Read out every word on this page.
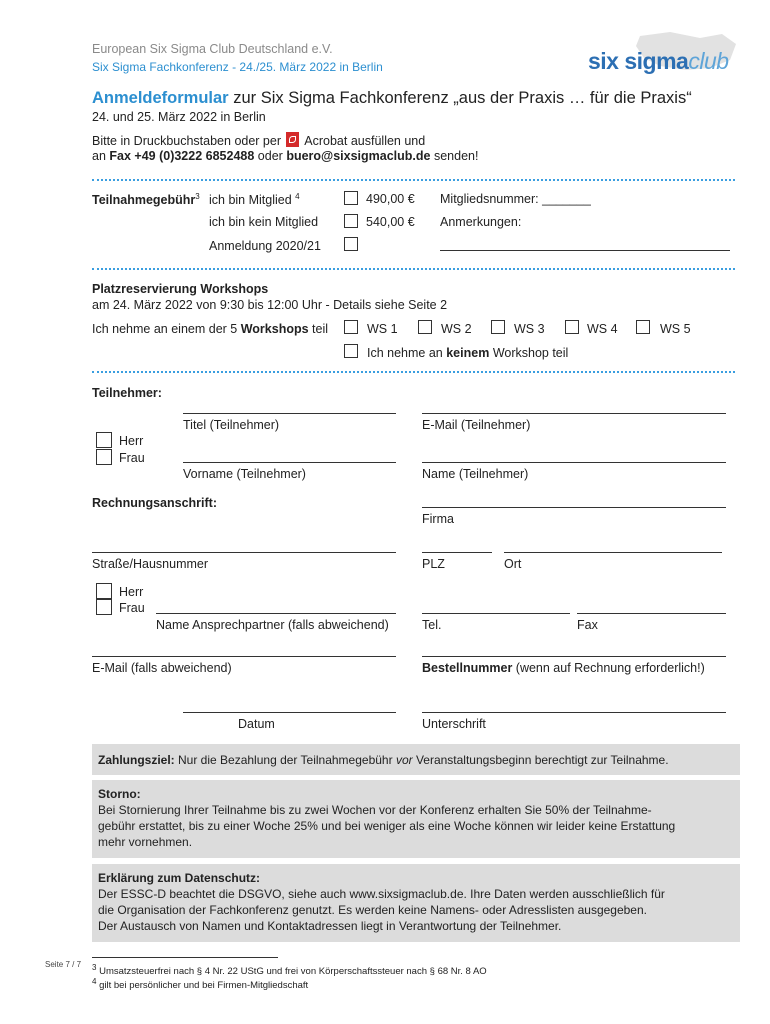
European Six Sigma Club Deutschland e.V.
Six Sigma Fachkonferenz - 24./25. März 2022 in Berlin	six sigmaclub
Anmeldeformular zur Six Sigma Fachkonferenz „aus der Praxis … für die Praxis“
24. und 25. März 2022 in Berlin
Bitte in Druckbuchstaben oder per Acrobat ausfüllen und
an Fax +49 (0)3222 6852488 oder buero@sixsigmaclub.de senden!
Teilnahmegebühr$^3$ ich bin Mitglied $^4$	490,00 € Mitgliedsnummer: _______
ich bin kein Mitglied	540,00 € Anmerkungen:
Anmeldung 2020/21
Platzreservierung Workshops
am 24. März 2022 von 9:30 bis 12:00 Uhr - Details siehe Seite 2
Ich nehme an einem der 5 Workshops teil	WS 1	WS 2	WS 3	WS 4	WS 5
Ich nehme an keinem Workshop teil
Teilnehmer:
Titel (Teilnehmer)	E-Mail (Teilnehmer)
Herr
Frau
Vorname (Teilnehmer)	Name (Teilnehmer)
Rechnungsanschrift:
Firma
Straße/Hausnummer	PLZ	Ort
Herr
Frau
Name Ansprechpartner (falls abweichend)	Tel.	Fax
E-Mail (falls abweichend)	Bestellnummer (wenn auf Rechnung erforderlich!)
Datum	Unterschrift
Zahlungsziel: Nur die Bezahlung der Teilnahmegebühr vor Veranstaltungsbeginn berechtigt zur Teilnahme.
Storno:
Bei Stornierung Ihrer Teilnahme bis zu zwei Wochen vor der Konferenz erhalten Sie 50% der Teilnahme-
gebühr erstattet, bis zu einer Woche 25% und bei weniger als eine Woche können wir leider keine Erstattung
mehr vornehmen.
Erklärung zum Datenschutz:
Der ESSC-D beachtet die DSGVO, siehe auch www.sixsigmaclub.de. Ihre Daten werden ausschließlich für
die Organisation der Fachkonferenz genutzt. Es werden keine Namens- oder Adresslisten ausgegeben.
Der Austausch von Namen und Kontaktadressen liegt in Verantwortung der Teilnehmer.
Seite 7 / 7 $^3$ Umsatzsteuerfrei nach § 4 Nr. 22 UStG und frei von Körperschaftssteuer nach § 68 Nr. 8 AO
$^4$ gilt bei persönlicher und bei Firmen-Mitgliedschaft
